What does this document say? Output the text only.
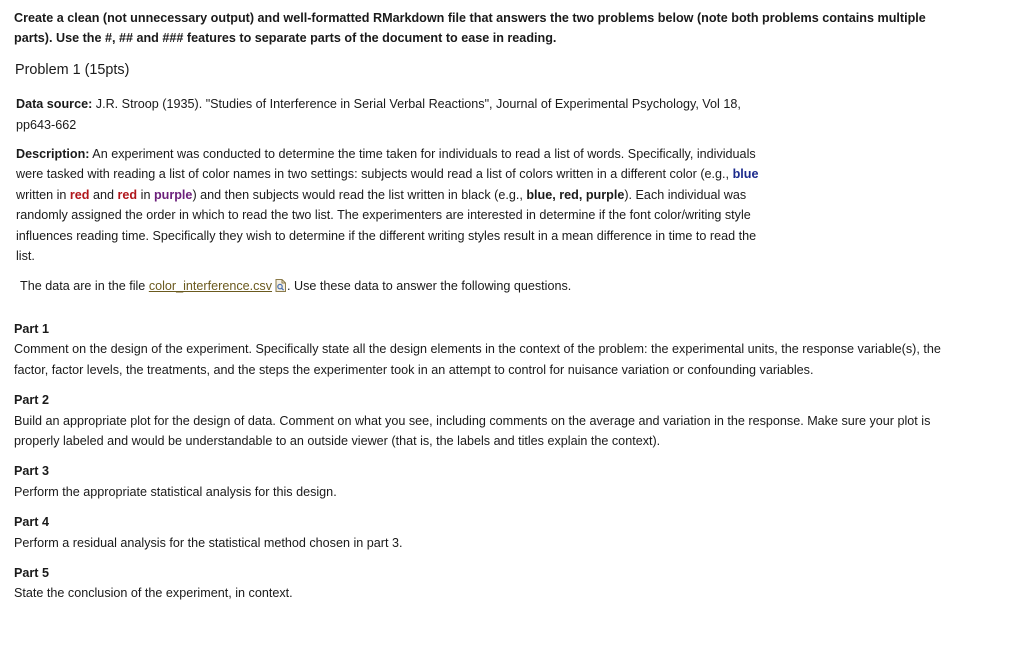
Create a clean (not unnecessary output) and well-formatted RMarkdown file that answers the two problems below (note both problems contains multiple parts). Use the #, ## and ### features to separate parts of the document to ease in reading.

Problem 1 (15pts)

Data source: J.R. Stroop (1935). "Studies of Interference in Serial Verbal Reactions", Journal of Experimental Psychology, Vol 18, pp643-662

Description: An experiment was conducted to determine the time taken for individuals to read a list of words. Specifically, individuals were tasked with reading a list of color names in two settings: subjects would read a list of colors written in a different color (e.g., blue written in red and red in purple) and then subjects would read the list written in black (e.g., blue, red, purple). Each individual was randomly assigned the order in which to read the two list. The experimenters are interested in determine if the font color/writing style influences reading time. Specifically they wish to determine if the different writing styles result in a mean difference in time to read the list.

The data are in the file color_interference.csv . Use these data to answer the following questions.

Part 1

Comment on the design of the experiment. Specifically state all the design elements in the context of the problem: the experimental units, the response variable(s), the factor, factor levels, the treatments, and the steps the experimenter took in an attempt to control for nuisance variation or confounding variables.

Part 2

Build an appropriate plot for the design of data. Comment on what you see, including comments on the average and variation in the response. Make sure your plot is properly labeled and would be understandable to an outside viewer (that is, the labels and titles explain the context).

Part 3

Perform the appropriate statistical analysis for this design.

Part 4

Perform a residual analysis for the statistical method chosen in part 3.

Part 5

State the conclusion of the experiment, in context.
